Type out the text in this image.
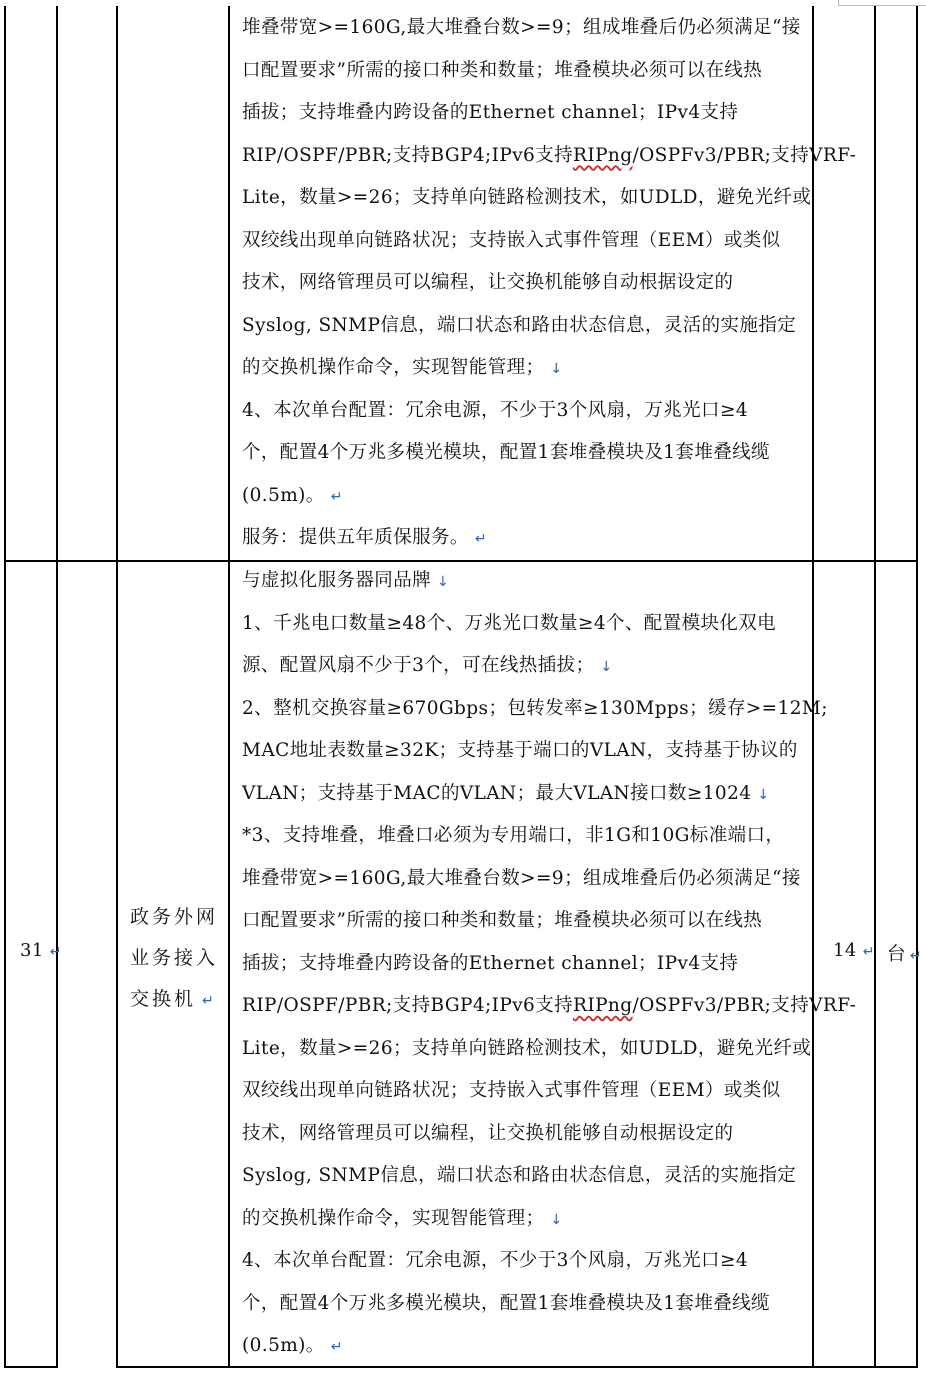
堆叠带宽>=160G,最大堆叠台数>=9；组成堆叠后仍必须满足“接
口配置要求”所需的接口种类和数量；堆叠模块必须可以在线热
插拔；支持堆叠内跨设备的Ethernet channel；IPv4支持
RIP/OSPF/PBR;支持BGP4;IPv6支持RIPng/OSPFv3/PBR;支持VRF-
Lite，数量>=26；支持单向链路检测技术，如UDLD，避免光纤或
双绞线出现单向链路状况；支持嵌入式事件管理（EEM）或类似
技术，网络管理员可以编程，让交换机能够自动根据设定的
Syslog, SNMP信息，端口状态和路由状态信息，灵活的实施指定
的交换机操作命令，实现智能管理； ↓
4、本次单台配置：冗余电源，不少于3个风扇，万兆光口≥4
个，配置4个万兆多模光模块，配置1套堆叠模块及1套堆叠线缆
(0.5m)。 ↵
服务：提供五年质保服务。 ↵
31 ↵
政务外网
业务接入
交换机 ↵
与虚拟化服务器同品牌 ↓
1、千兆电口数量≥48个、万兆光口数量≥4个、配置模块化双电
源、配置风扇不少于3个，可在线热插拔； ↓
2、整机交换容量≥670Gbps；包转发率≥130Mpps；缓存>=12M;
MAC地址表数量≥32K；支持基于端口的VLAN，支持基于协议的
VLAN；支持基于MAC的VLAN；最大VLAN接口数≥1024 ↓
*3、支持堆叠，堆叠口必须为专用端口，非1G和10G标准端口，
堆叠带宽>=160G,最大堆叠台数>=9；组成堆叠后仍必须满足“接
口配置要求”所需的接口种类和数量；堆叠模块必须可以在线热
插拔；支持堆叠内跨设备的Ethernet channel；IPv4支持
RIP/OSPF/PBR;支持BGP4;IPv6支持RIPng/OSPFv3/PBR;支持VRF-
Lite，数量>=26；支持单向链路检测技术，如UDLD，避免光纤或
双绞线出现单向链路状况；支持嵌入式事件管理（EEM）或类似
技术，网络管理员可以编程，让交换机能够自动根据设定的
Syslog, SNMP信息，端口状态和路由状态信息，灵活的实施指定
的交换机操作命令，实现智能管理； ↓
4、本次单台配置：冗余电源，不少于3个风扇，万兆光口≥4
个，配置4个万兆多模光模块，配置1套堆叠模块及1套堆叠线缆
(0.5m)。 ↵
14 ↵ 台 ↵
